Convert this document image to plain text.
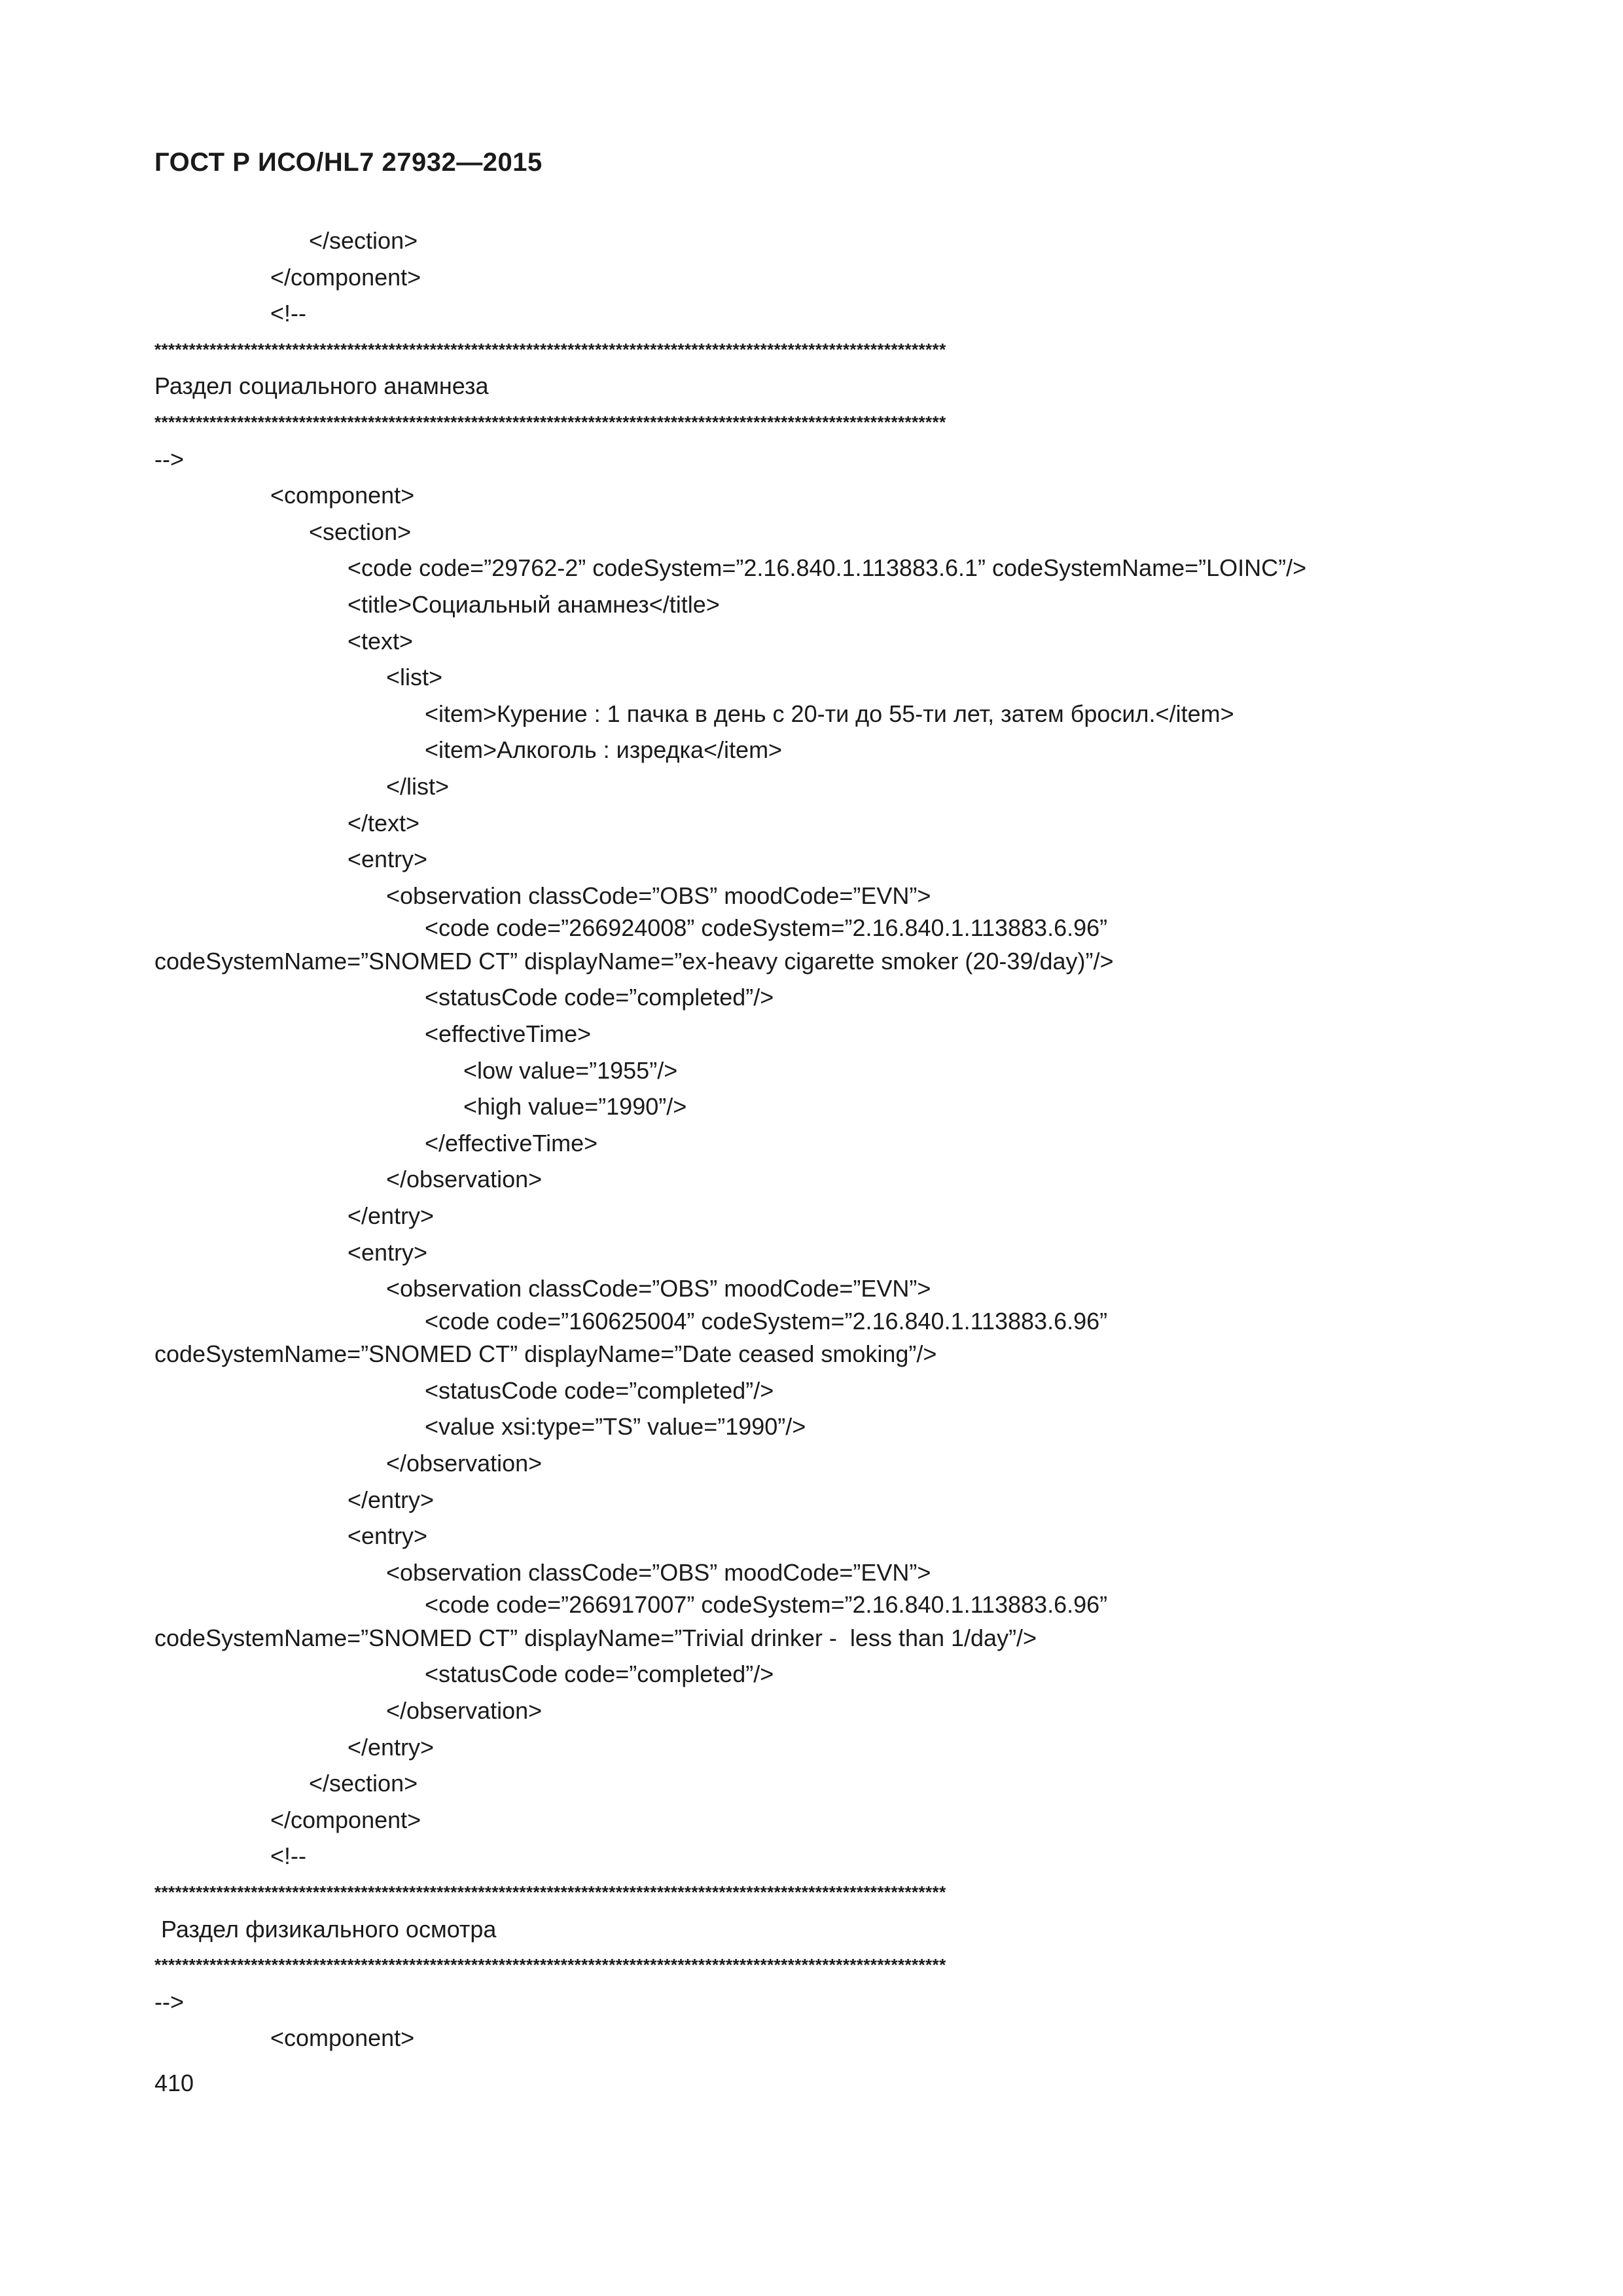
ГОСТ Р ИСО/HL7 27932—2015
</section>
</component>
<!--
*******************************************************************************************************************
Раздел социального анамнеза
*******************************************************************************************************************
-->
<component>
<section>
<code code=”29762-2” codeSystem=”2.16.840.1.113883.6.1” codeSystemName=”LOINC”/>
<title>Социальный анамнез</title>
<text>
<list>
<item>Курение : 1 пачка в день с 20-ти до 55-ти лет, затем бросил.</item>
<item>Алкоголь : изредка</item>
</list>
</text>
<entry>
<observation classCode=”OBS” moodCode=”EVN”>
<code code=”266924008” codeSystem=”2.16.840.1.113883.6.96”
codeSystemName=”SNOMED CT” displayName=”ex-heavy cigarette smoker (20-39/day)”/>
<statusCode code=”completed”/>
<effectiveTime>
<low value=”1955”/>
<high value=”1990”/>
</effectiveTime>
</observation>
</entry>
<entry>
<observation classCode=”OBS” moodCode=”EVN”>
<code code=”160625004” codeSystem=”2.16.840.1.113883.6.96”
codeSystemName=”SNOMED CT” displayName=”Date ceased smoking”/>
<statusCode code=”completed”/>
<value xsi:type=”TS” value=”1990”/>
</observation>
</entry>
<entry>
<observation classCode=”OBS” moodCode=”EVN”>
<code code=”266917007” codeSystem=”2.16.840.1.113883.6.96”
codeSystemName=”SNOMED CT” displayName=”Trivial drinker -  less than 1/day”/>
<statusCode code=”completed”/>
</observation>
</entry>
</section>
</component>
<!--
*******************************************************************************************************************
Раздел физикального осмотра
*******************************************************************************************************************
-->
<component>
410
